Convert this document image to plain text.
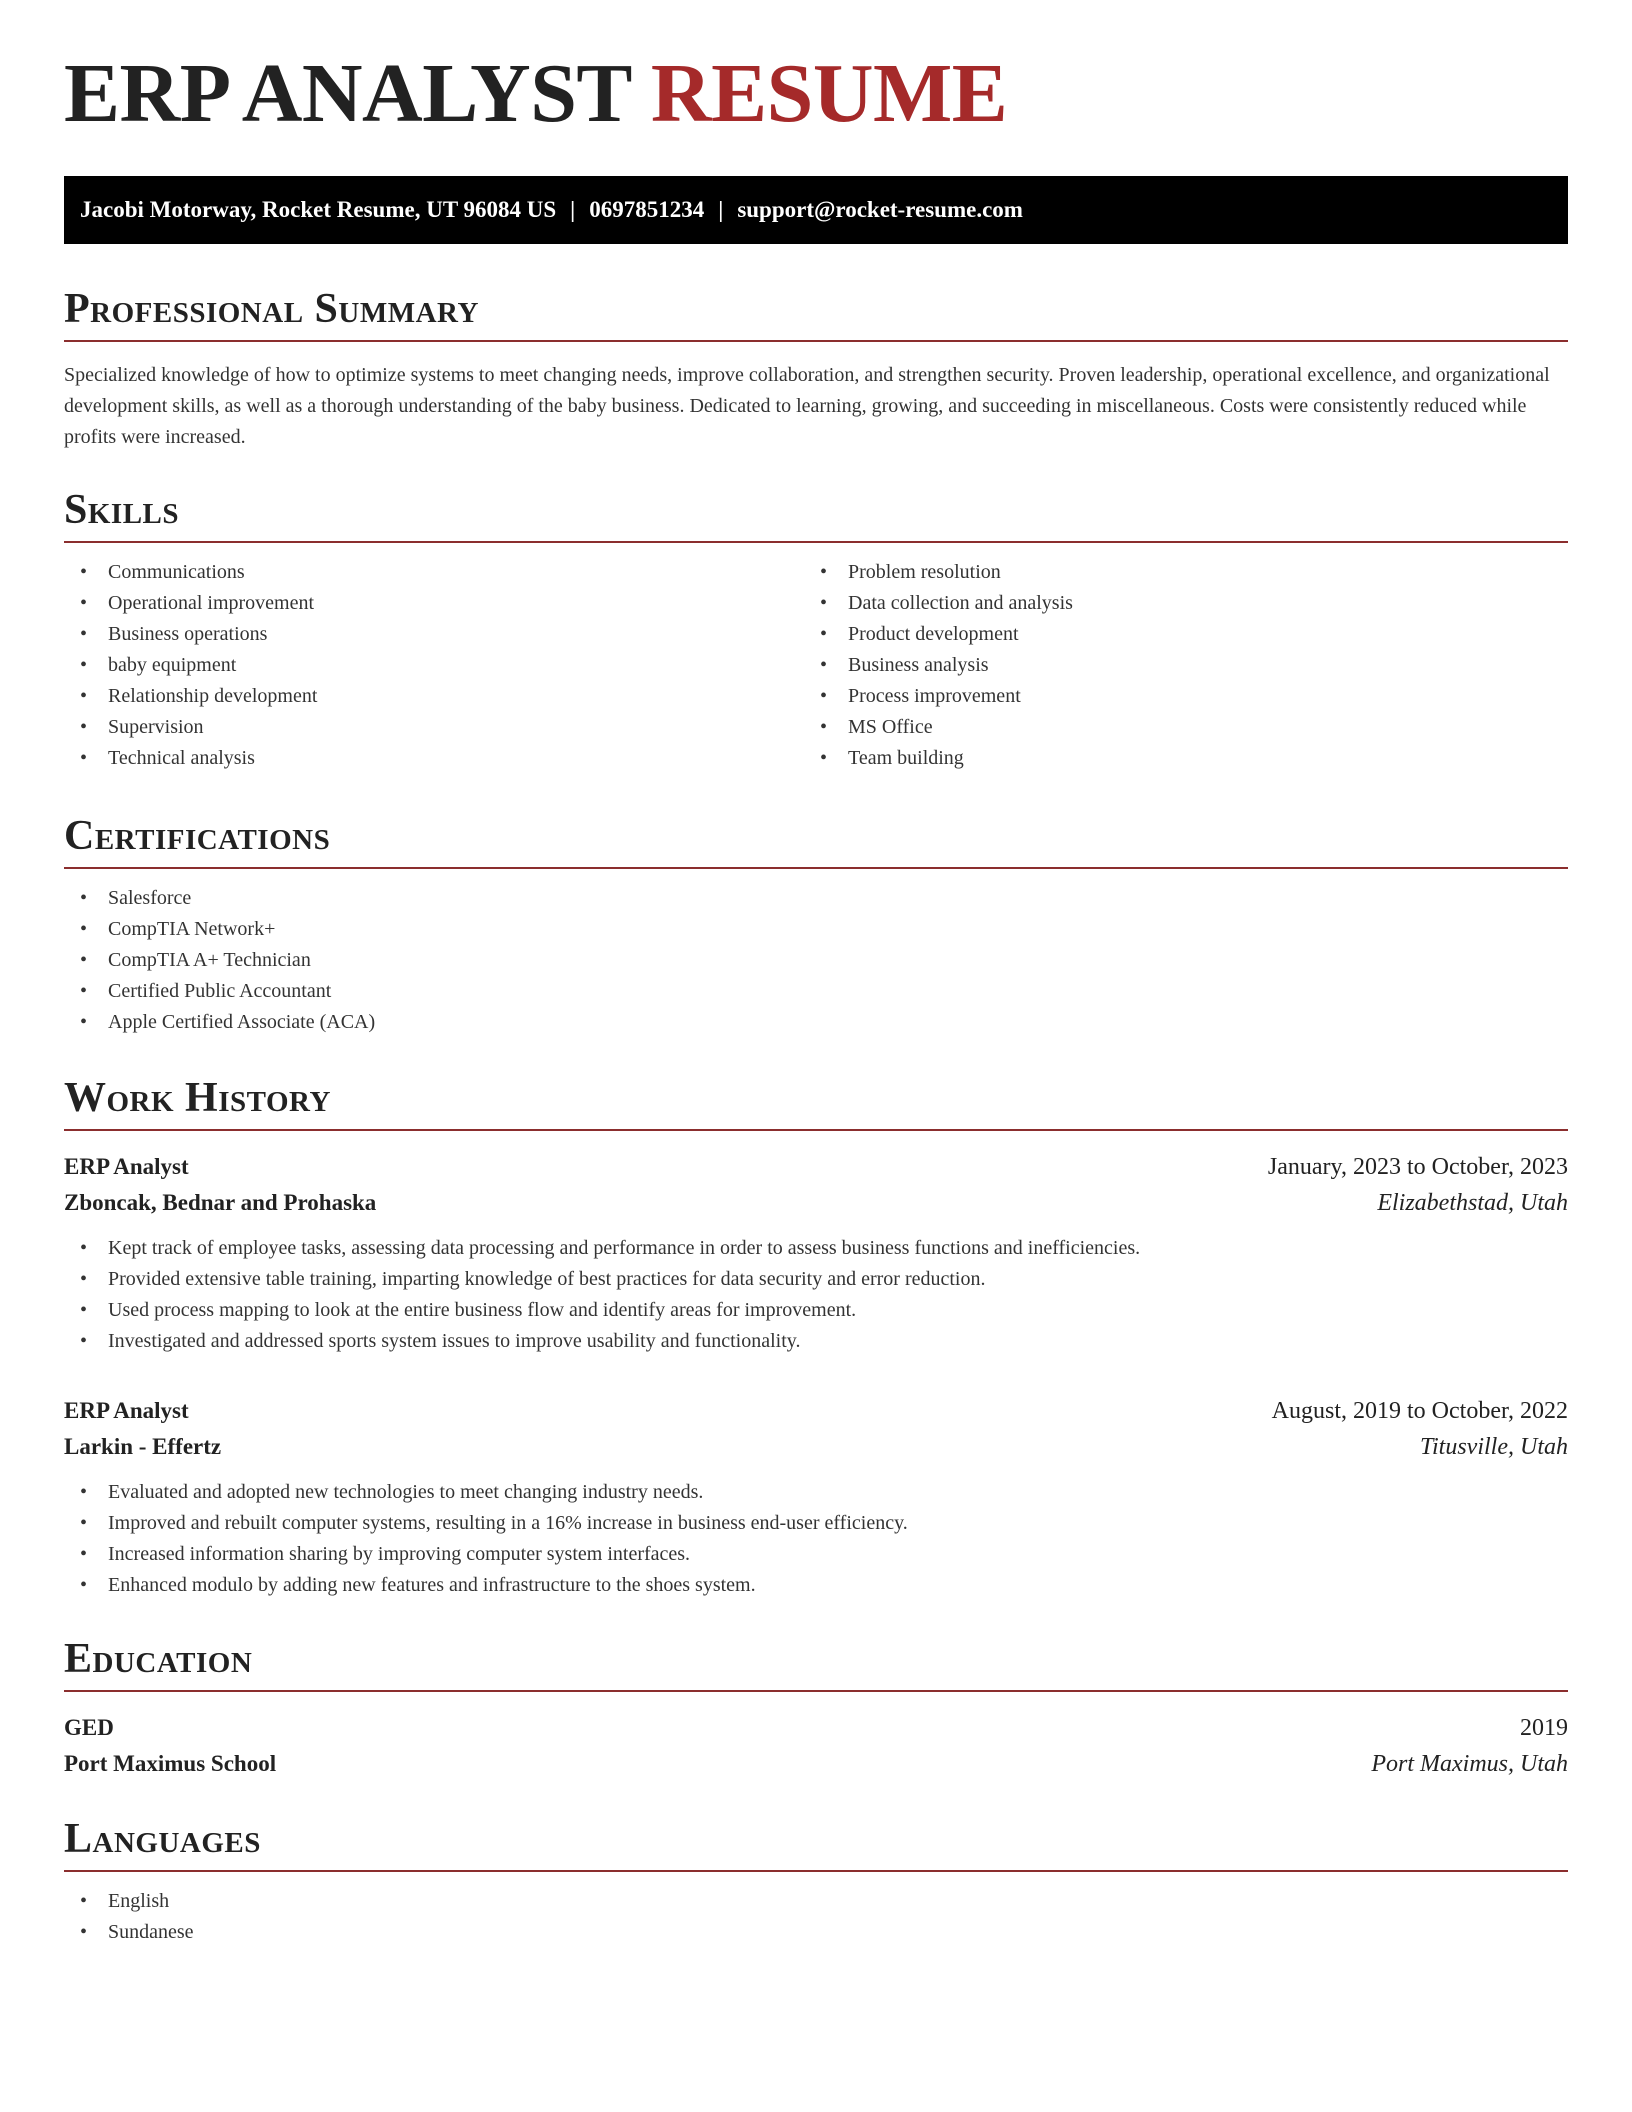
ERP ANALYST RESUME
Jacobi Motorway, Rocket Resume, UT 96084 US | 0697851234 | support@rocket-resume.com
Professional Summary

Specialized knowledge of how to optimize systems to meet changing needs, improve collaboration, and strengthen security. Proven leadership, operational excellence, and organizational development skills, as well as a thorough understanding of the baby business. Dedicated to learning, growing, and succeeding in miscellaneous. Costs were consistently reduced while profits were increased.

Skills
• Communications
• Operational improvement
• Business operations
• baby equipment
• Relationship development
• Supervision
• Technical analysis
• Problem resolution
• Data collection and analysis
• Product development
• Business analysis
• Process improvement
• MS Office
• Team building
Certifications
• Salesforce
• CompTIA Network+
• CompTIA A+ Technician
• Certified Public Accountant
• Apple Certified Associate (ACA)
Work History
ERP Analyst	January, 2023 to October, 2023
Zboncak, Bednar and Prohaska	Elizabethstad, Utah
• Kept track of employee tasks, assessing data processing and performance in order to assess business functions and inefficiencies.
• Provided extensive table training, imparting knowledge of best practices for data security and error reduction.
• Used process mapping to look at the entire business flow and identify areas for improvement.
• Investigated and addressed sports system issues to improve usability and functionality.
ERP Analyst	August, 2019 to October, 2022
Larkin - Effertz	Titusville, Utah
• Evaluated and adopted new technologies to meet changing industry needs.
• Improved and rebuilt computer systems, resulting in a 16% increase in business end-user efficiency.
• Increased information sharing by improving computer system interfaces.
• Enhanced modulo by adding new features and infrastructure to the shoes system.
Education
GED	2019
Port Maximus School	Port Maximus, Utah
Languages
• English
• Sundanese
